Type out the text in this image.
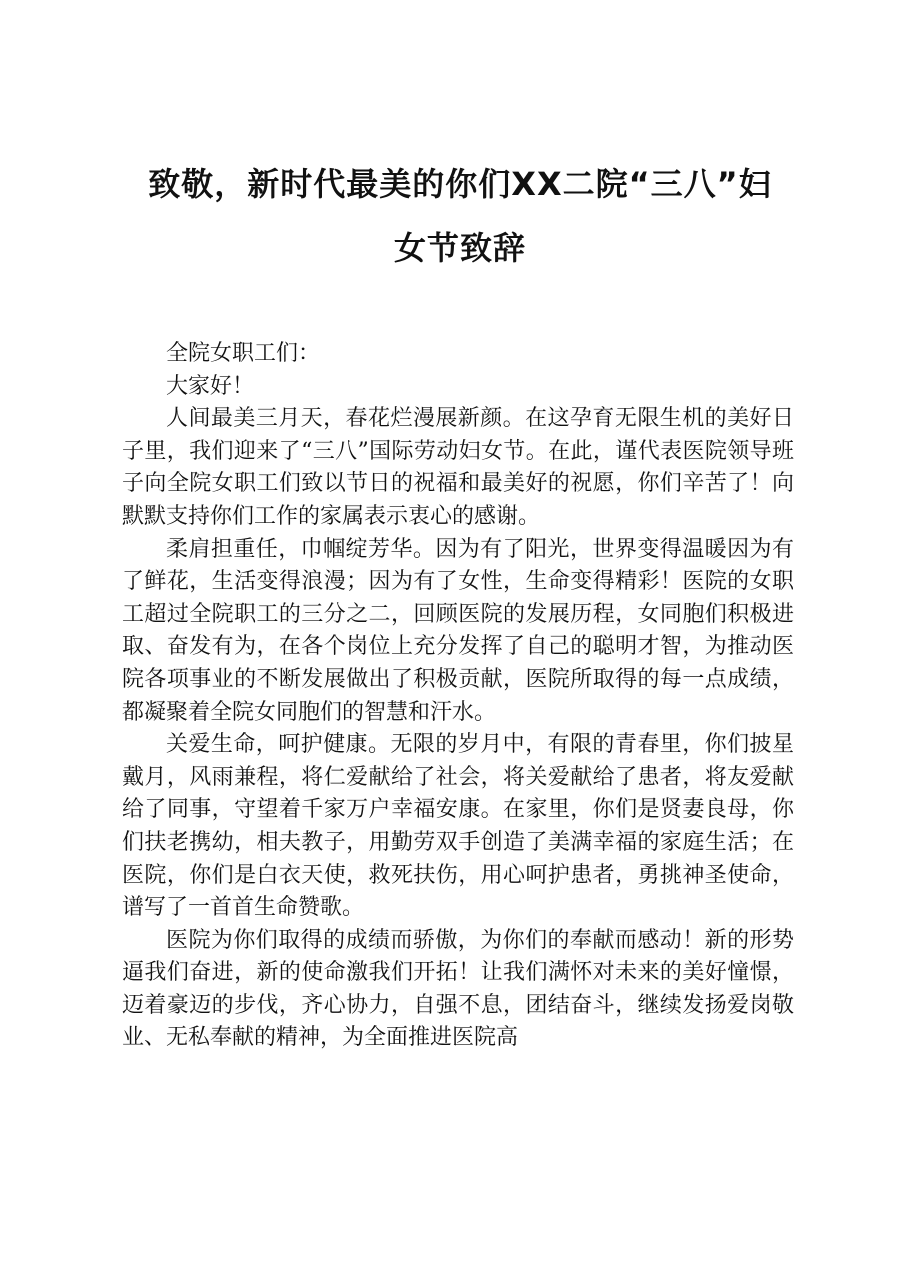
致敬，新时代最美的你们XX二院“三八”妇
女节致辞

全院女职工们：

大家好！

人间最美三月天，春花烂漫展新颜。在这孕育无限生机的美好日子里，我们迎来了“三八”国际劳动妇女节。在此，谨代表医院领导班子向全院女职工们致以节日的祝福和最美好的祝愿，你们辛苦了！向默默支持你们工作的家属表示衷心的感谢。

柔肩担重任，巾帼绽芳华。因为有了阳光，世界变得温暖因为有了鲜花，生活变得浪漫；因为有了女性，生命变得精彩！医院的女职工超过全院职工的三分之二，回顾医院的发展历程，女同胞们积极进取、奋发有为，在各个岗位上充分发挥了自己的聪明才智，为推动医院各项事业的不断发展做出了积极贡献，医院所取得的每一点成绩，都凝聚着全院女同胞们的智慧和汗水。

关爱生命，呵护健康。无限的岁月中，有限的青春里，你们披星戴月，风雨兼程，将仁爱献给了社会，将关爱献给了患者，将友爱献给了同事，守望着千家万户幸福安康。在家里，你们是贤妻良母，你们扶老携幼，相夫教子，用勤劳双手创造了美满幸福的家庭生活；在医院，你们是白衣天使，救死扶伤，用心呵护患者，勇挑神圣使命，谱写了一首首生命赞歌。

医院为你们取得的成绩而骄傲，为你们的奉献而感动！新的形势逼我们奋进，新的使命激我们开拓！让我们满怀对未来的美好憧憬，迈着豪迈的步伐，齐心协力，自强不息，团结奋斗，继续发扬爱岗敬业、无私奉献的精神，为全面推进医院高
